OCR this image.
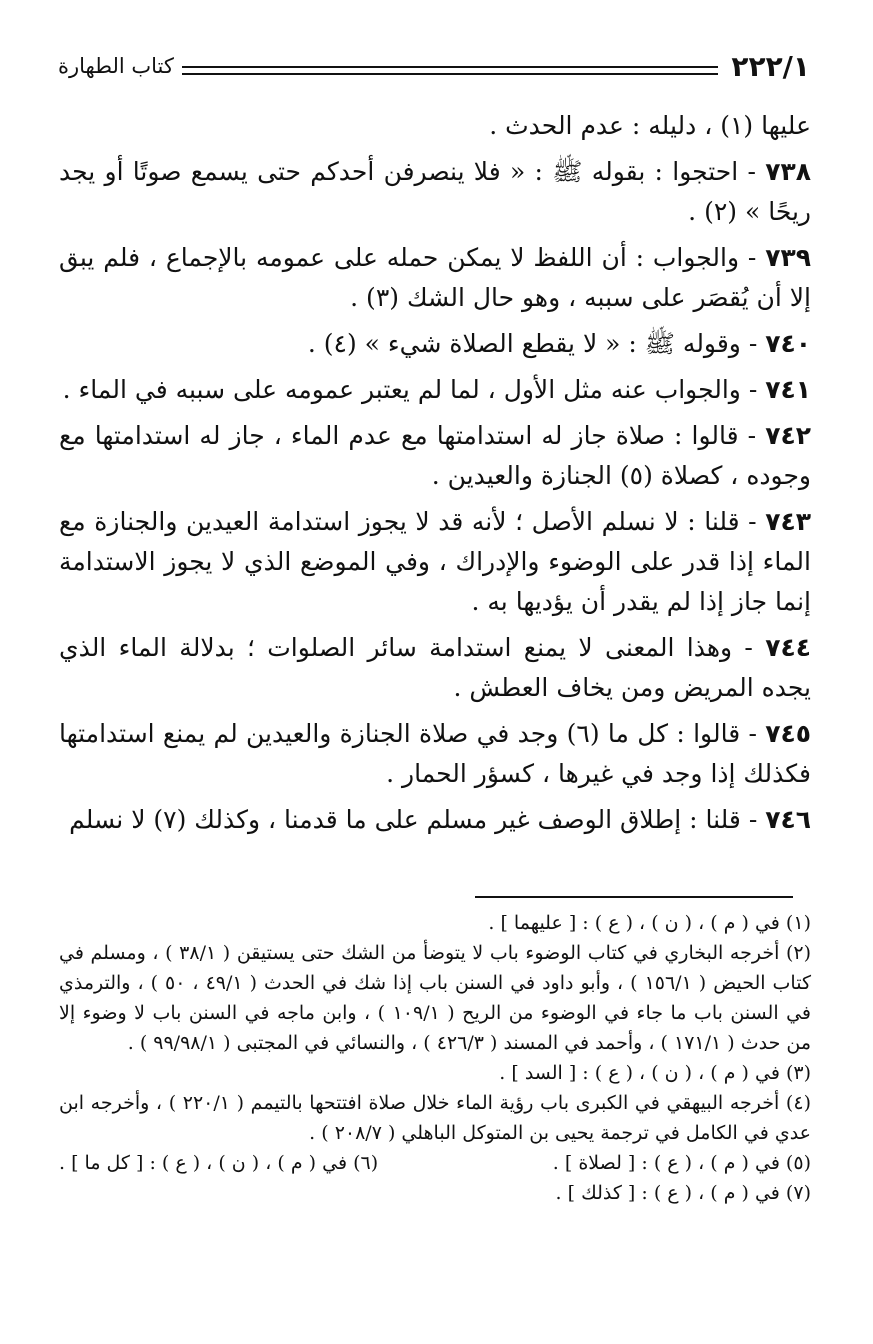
٢٢٢/١
كتاب الطهارة

عليها (١) ، دليله : عدم الحدث .

٧٣٨ - احتجوا : بقوله ﷺ : « فلا ينصرفن أحدكم حتى يسمع صوتًا أو يجد ريحًا » (٢) .

٧٣٩ - والجواب : أن اللفظ لا يمكن حمله على عمومه بالإجماع ، فلم يبق إلا أن يُقصَر على سببه ، وهو حال الشك (٣) .

٧٤٠ - وقوله ﷺ : « لا يقطع الصلاة شيء » (٤) .

٧٤١ - والجواب عنه مثل الأول ، لما لم يعتبر عمومه على سببه في الماء .

٧٤٢ - قالوا : صلاة جاز له استدامتها مع عدم الماء ، جاز له استدامتها مع وجوده ، كصلاة (٥) الجنازة والعيدين .

٧٤٣ - قلنا : لا نسلم الأصل ؛ لأنه قد لا يجوز استدامة العيدين والجنازة مع الماء إذا قدر على الوضوء والإدراك ، وفي الموضع الذي لا يجوز الاستدامة إنما جاز إذا لم يقدر أن يؤديها به .

٧٤٤ - وهذا المعنى لا يمنع استدامة سائر الصلوات ؛ بدلالة الماء الذي يجده المريض ومن يخاف العطش .

٧٤٥ - قالوا : كل ما (٦) وجد في صلاة الجنازة والعيدين لم يمنع استدامتها فكذلك إذا وجد في غيرها ، كسؤر الحمار .

٧٤٦ - قلنا : إطلاق الوصف غير مسلم على ما قدمنا ، وكذلك (٧) لا نسلم

(١) في ( م ) ، ( ن ) ، ( ع ) : [ عليهما ] .

(٢) أخرجه البخاري في كتاب الوضوء باب لا يتوضأ من الشك حتى يستيقن ( ٣٨/١ ) ، ومسلم في كتاب الحيض ( ١٥٦/١ ) ، وأبو داود في السنن باب إذا شك في الحدث ( ٤٩/١ ، ٥٠ ) ، والترمذي في السنن باب ما جاء في الوضوء من الريح ( ١٠٩/١ ) ، وابن ماجه في السنن باب لا وضوء إلا من حدث ( ١٧١/١ ) ، وأحمد في المسند ( ٤٢٦/٣ ) ، والنسائي في المجتبى ( ٩٩/٩٨/١ ) .

(٣) في ( م ) ، ( ن ) ، ( ع ) : [ السد ] .

(٤) أخرجه البيهقي في الكبرى باب رؤية الماء خلال صلاة افتتحها بالتيمم ( ٢٢٠/١ ) ، وأخرجه ابن عدي في الكامل في ترجمة يحيى بن المتوكل الباهلي ( ٢٠٨/٧ ) .

(٥) في ( م ) ، ( ع ) : [ لصلاة ] .
(٦) في ( م ) ، ( ن ) ، ( ع ) : [ كل ما ] .

(٧) في ( م ) ، ( ع ) : [ كذلك ] .
